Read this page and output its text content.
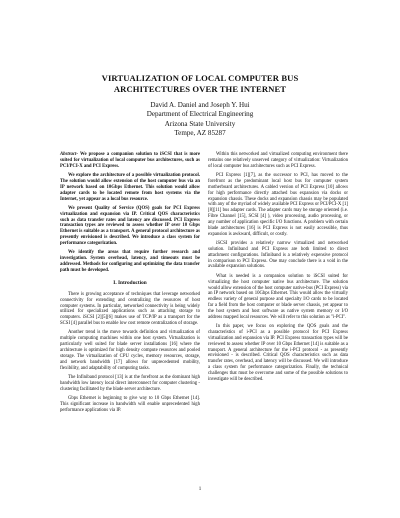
VIRTUALIZATION OF LOCAL COMPUTER BUS
ARCHITECTURES OVER THE INTERNET
David A. Daniel and Joseph Y. Hui
Department of Electrical Engineering
Arizona State University
Tempe, AZ 85287

Abstract- We propose a companion solution to iSCSI that is more suited for virtualization of local computer bus architectures, such as PCI/PCI-X and PCI Express.

We explore the architecture of a possible virtualization protocol. The solution would allow extension of the host computer bus via an IP network based on 10Gbps Ethernet. This solution would allow adapter cards to be located remote from host systems via the Internet, yet appear as a local bus resource.

We present Quality of Service (QOS) goals for PCI Express virtualization and expansion via IP. Critical QOS characteristics such as data transfer rates and latency are discussed. PCI Express transaction types are reviewed to assess whether IP over 10 Gbps Ethernet is suitable as a transport. A general protocol architecture as presently envisioned is described. We introduce a class system for performance categorization.

We identify the areas that require further research and investigation. System overhead, latency, and timeouts must be addressed. Methods for configuring and optimizing the data transfer path must be developed.

I. Introduction

There is growing acceptance of techniques that leverage networked connectivity for extending and centralizing the resources of host computer systems. In particular, networked connectivity is being widely utilized for specialized applications such as attaching storage to computers. iSCSI [2][5][6] makes use of TCP/IP as a transport for the SCSI [4] parallel bus to enable low cost remote centralization of storage.

Another trend is the move towards definition and virtualization of multiple computing machines within one host system. Virtualization is particularly well suited for blade server installations [16] where the architecture is optimized for high density compute resources and pooled storage. The virtualization of CPU cycles, memory resources, storage, and network bandwidth [17] allows for unprecedented mobility, flexibility, and adaptability of computing tasks.

The Infiniband protocol [13] is at the forefront as the dominant high bandwidth low latency local direct interconnect for computer clustering - clustering facilitated by the blade server architecture.

Gbps Ethernet is beginning to give way to 10 Gbps Ethernet [14]. This significant increase in bandwidth will enable unprecedented high performance applications via IP.

Within this networked and virtualized computing environment there remains one relatively unserved category of virtualization: Virtualization of local computer bus architectures such as PCI Express.

PCI Express [1][7], as the successor to PCI, has moved to the forefront as the predominant local host bus for computer system motherboard architectures. A cabled version of PCI Express [10] allows for high performance directly attached bus expansion via docks or expansion chassis. These docks and expansion chassis may be populated with any of the myriad of widely available PCI Express or PCI/PCI-X [1][8][11] bus adapter cards. The adapter cards may be storage oriented (i.e. Fibre Channel [15], SCSI [4] ), video processing, audio processing, or any number of application specific I/O functions. A problem with certain blade architectures [16] is PCI Express is not easily accessible, thus expansion is awkward, difficult, or costly.

iSCSI provides a relatively narrow virtualized and networked solution. Infiniband and PCI Express are both limited to direct attachment configurations. Infiniband is a relatively expensive protocol in comparison to PCI Express. One may conclude there is a void in the available expansion solutions.

What is needed is a companion solution to iSCSI suited for virtualizing the host computer native bus architecture. The solution would allow extension of the host computer native-bus (PCI Express) via an IP network based on 10Gbps Ethernet. This would allow the virtually endless variety of general purpose and specialty I/O cards to be located far a field from the host computer or blade server chassis, yet appear to the host system and host software as native system memory or I/O address mapped local resources. We will refer to this solution as "i-PCI".

In this paper, we focus on exploring the QOS goals and the characteristics of i-PCI as a possible protocol for PCI Express virtualization and expansion via IP. PCI Express transaction types will be reviewed to assess whether IP over 10 Gbps Ethernet [14] is suitable as a transport. A general architecture for the i-PCI protocol - as presently envisioned - is described. Critical QOS characteristics such as data transfer rates, overhead, and latency will be discussed. We will introduce a class system for performance categorization. Finally, the technical challenges that must be overcome and some of the possible solutions to investigate will be described.

1
